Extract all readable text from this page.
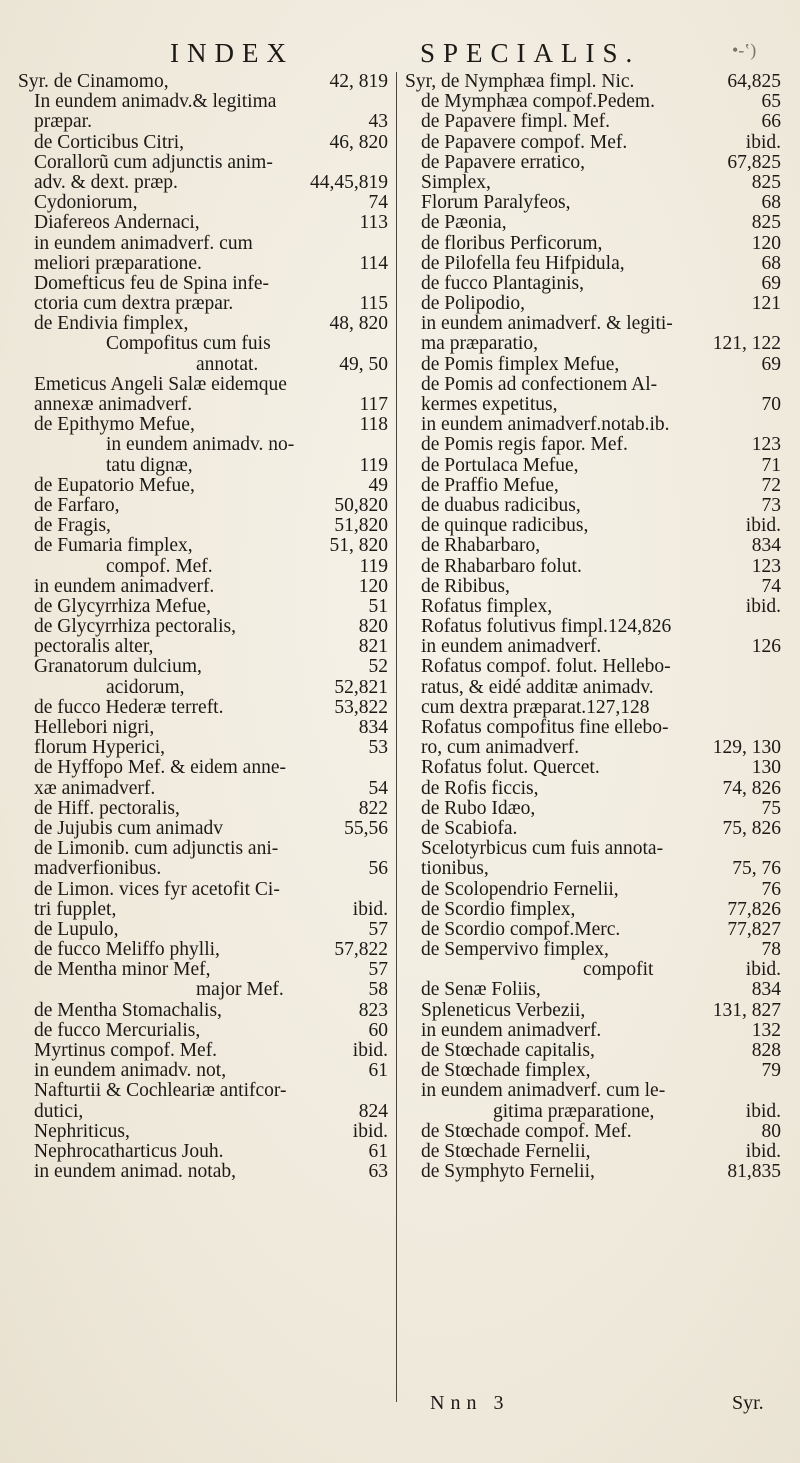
INDEX	SPECIALIS.	•-‛)
Syr. de Cinamomo,	42, 819
In eundem animadv.& legitima
præpar.	43
de Corticibus Citri,	46, 820
Corallorũ cum adjunctis anim-
adv. & dext. præp.	44,45,819
Cydoniorum,	74
Diafereos Andernaci,	113
in eundem animadverf. cum
meliori præparatione.	114
Domefticus feu de Spina infe-
ctoria cum dextra præpar.	115
de Endivia fimplex,	48, 820
Compofitus cum fuis
annotat.	49, 50
Emeticus Angeli Salæ eidemque
annexæ animadverf.	117
de Epithymo Mefue,	118
in eundem animadv. no-
tatu dignæ,	119
de Eupatorio Mefue,	49
de Farfaro,	50,820
de Fragis,	51,820
de Fumaria fimplex,	51, 820
compof. Mef.	119
in eundem animadverf.	120
de Glycyrrhiza Mefue,	51
de Glycyrrhiza pectoralis,	820
pectoralis alter,	821
Granatorum dulcium,	52
acidorum,	52,821
de fucco Hederæ terreft.	53,822
Hellebori nigri,	834
florum Hyperici,	53
de Hyffopo Mef. & eidem anne-
xæ animadverf.	54
de Hiff. pectoralis,	822
de Jujubis cum animadv	55,56
de Limonib. cum adjunctis ani-
madverfionibus.	56
de Limon. vices fyr acetofit Ci-
tri fupplet,	ibid.
de Lupulo,	57
de fucco Meliffo phylli,	57,822
de Mentha minor Mef,	57
major Mef.	58
de Mentha Stomachalis,	823
de fucco Mercurialis,	60
Myrtinus compof. Mef.	ibid.
in eundem animadv. not,	61
Nafturtii & Cochleariæ antifcor-
dutici,	824
Nephriticus,	ibid.
Nephrocatharticus Jouh.	61
in eundem animad. notab,	63
Syr, de Nymphæa fimpl. Nic.	64,825
de Mymphæa compof.Pedem.	65
de Papavere fimpl. Mef.	66
de Papavere compof. Mef.	ibid.
de Papavere erratico,	67,825
Simplex,	825
Florum Paralyfeos,	68
de Pæonia,	825
de floribus Perficorum,	120
de Pilofella feu Hifpidula,	68
de fucco Plantaginis,	69
de Polipodio,	121
in eundem animadverf. & legiti-
ma præparatio,	121, 122
de Pomis fimplex Mefue,	69
de Pomis ad confectionem Al-
kermes expetitus,	70
in eundem animadverf.notab.ib.
de Pomis regis fapor. Mef.	123
de Portulaca Mefue,	71
de Praffio Mefue,	72
de duabus radicibus,	73
de quinque radicibus,	ibid.
de Rhabarbaro,	834
de Rhabarbaro folut.	123
de Ribibus,	74
Rofatus fimplex,	ibid.
Rofatus folutivus fimpl.124,826
in eundem animadverf.	126
Rofatus compof. folut. Hellebo-
ratus, & eidé additæ animadv.
cum dextra præparat.127,128
Rofatus compofitus fine ellebo-
ro, cum animadverf.	129, 130
Rofatus folut. Quercet.	130
de Rofis ficcis,	74, 826
de Rubo Idæo,	75
de Scabiofa.	75, 826
Scelotyrbicus cum fuis annota-
tionibus,	75, 76
de Scolopendrio Fernelii,	76
de Scordio fimplex,	77,826
de Scordio compof.Merc.	77,827
de Sempervivo fimplex,	78
compofit	ibid.
de Senæ Foliis,	834
Spleneticus Verbezii,	131, 827
in eundem animadverf.	132
de Stœchade capitalis,	828
de Stœchade fimplex,	79
in eundem animadverf. cum le-
gitima præparatione,	ibid.
de Stœchade compof. Mef.	80
de Stœchade Fernelii,	ibid.
de Symphyto Fernelii,	81,835
Nnn 3	Syr.
